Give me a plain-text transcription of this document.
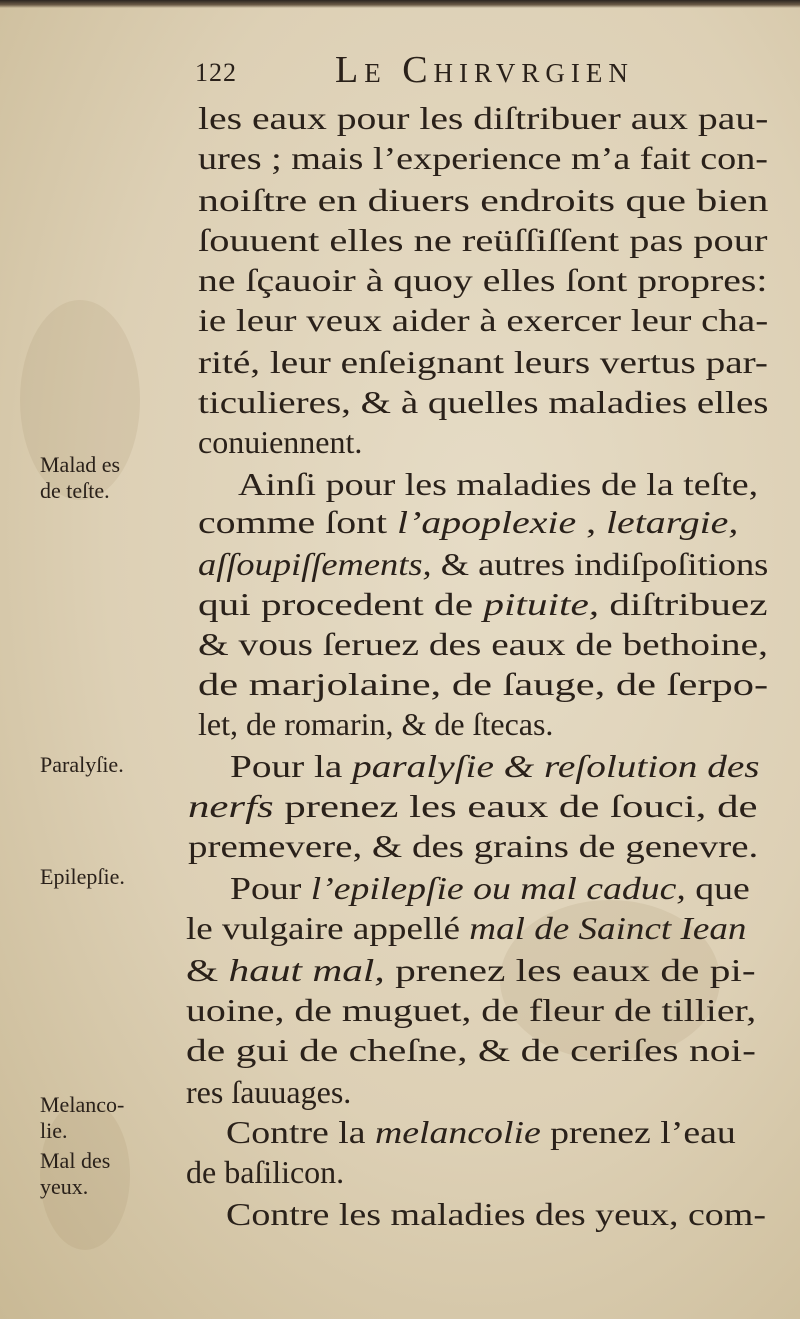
122	Le Chirvrgien
les eaux pour les diſtribuer aux pau-
ures ; mais l’experience m’a fait con-
noiſtre en diuers endroits que bien
ſouuent elles ne reüſſiſſent pas pour
ne ſçauoir à quoy elles ſont propres:
ie leur veux aider à exercer leur cha-
rité, leur enſeignant leurs vertus par-
ticulieres, & à quelles maladies elles
conuiennent.
Ainſi pour les maladies de la teſte,
comme ſont l’apoplexie , letargie,
aſſoupiſſements, & autres indiſpoſitions
qui procedent de pituite, diſtribuez
& vous ſeruez des eaux de bethoine,
de marjolaine, de ſauge, de ſerpo-
let, de romarin, & de ſtecas.
Pour la paralyſie & reſolution des
nerfs prenez les eaux de ſouci, de
premevere, & des grains de genevre.
Pour l’epilepſie ou mal caduc, que
le vulgaire appellé mal de Sainct Iean
& haut mal, prenez les eaux de pi-
uoine, de muguet, de fleur de tillier,
de gui de cheſne, & de ceriſes noi-
res ſauuages.
Contre la melancolie prenez l’eau
de baſilicon.
Contre les maladies des yeux, com-
Malad es
de teſte.
Paralyſie.
Epilepſie.
Melanco-
lie.
Mal des
yeux.
